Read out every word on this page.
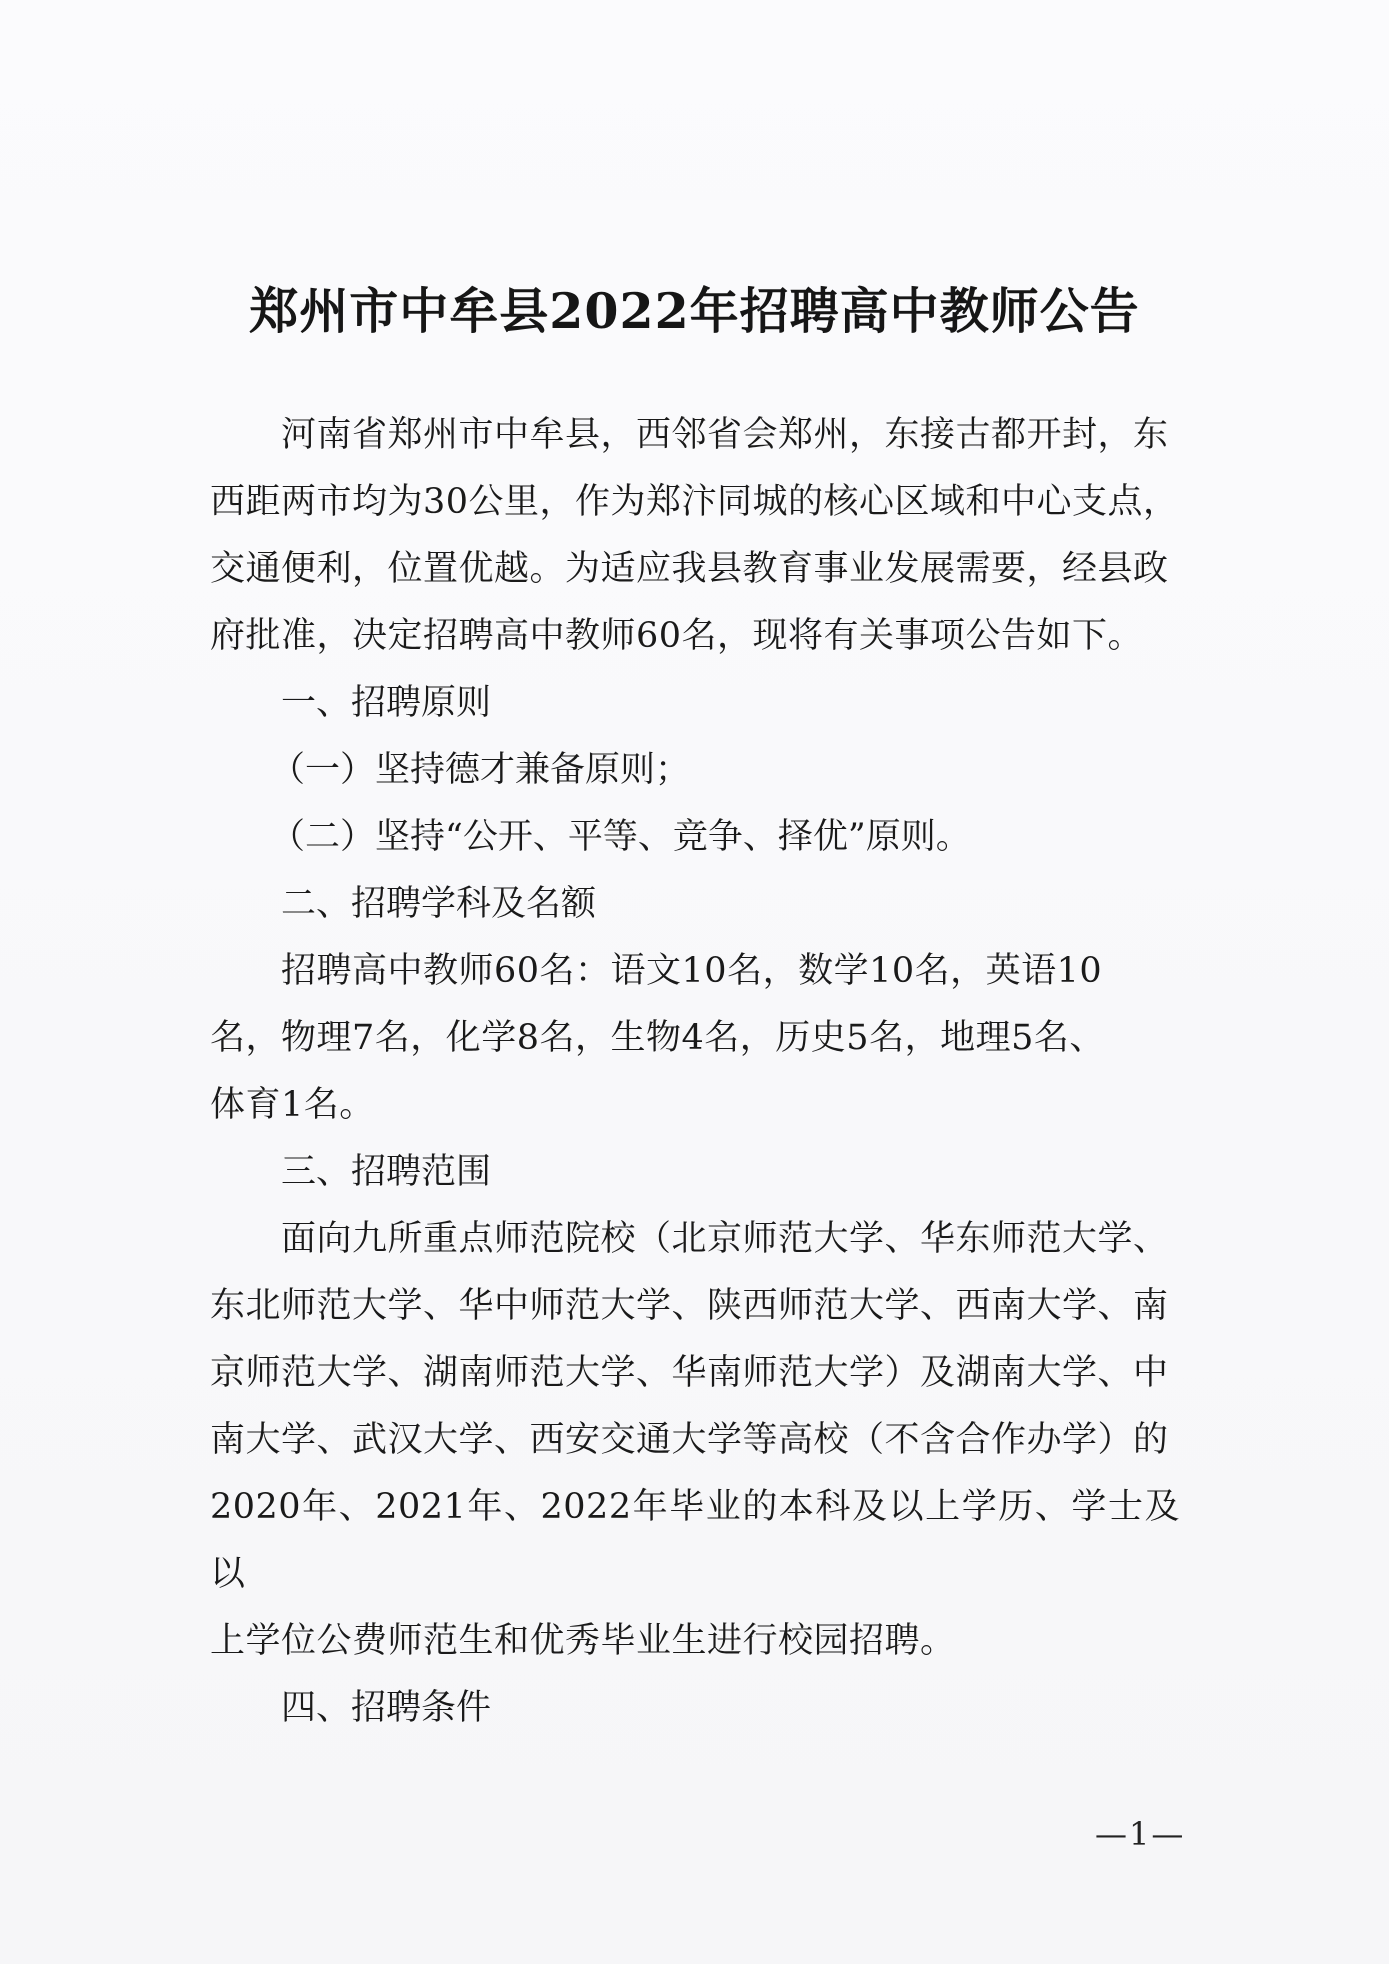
郑州市中牟县2022年招聘高中教师公告
河南省郑州市中牟县，西邻省会郑州，东接古都开封，东
西距两市均为30公里，作为郑汴同城的核心区域和中心支点，
交通便利，位置优越。为适应我县教育事业发展需要，经县政
府批准，决定招聘高中教师60名，现将有关事项公告如下。
一、招聘原则
（一）坚持德才兼备原则；
（二）坚持“公开、平等、竞争、择优”原则。
二、招聘学科及名额
招聘高中教师60名：语文10名，数学10名，英语10
名，物理7名，化学8名，生物4名，历史5名，地理5名、
体育1名。
三、招聘范围
面向九所重点师范院校（北京师范大学、华东师范大学、
东北师范大学、华中师范大学、陕西师范大学、西南大学、南
京师范大学、湖南师范大学、华南师范大学）及湖南大学、中
南大学、武汉大学、西安交通大学等高校（不含合作办学）的
2020年、2021年、2022年毕业的本科及以上学历、学士及以
上学位公费师范生和优秀毕业生进行校园招聘。
四、招聘条件
—1—
